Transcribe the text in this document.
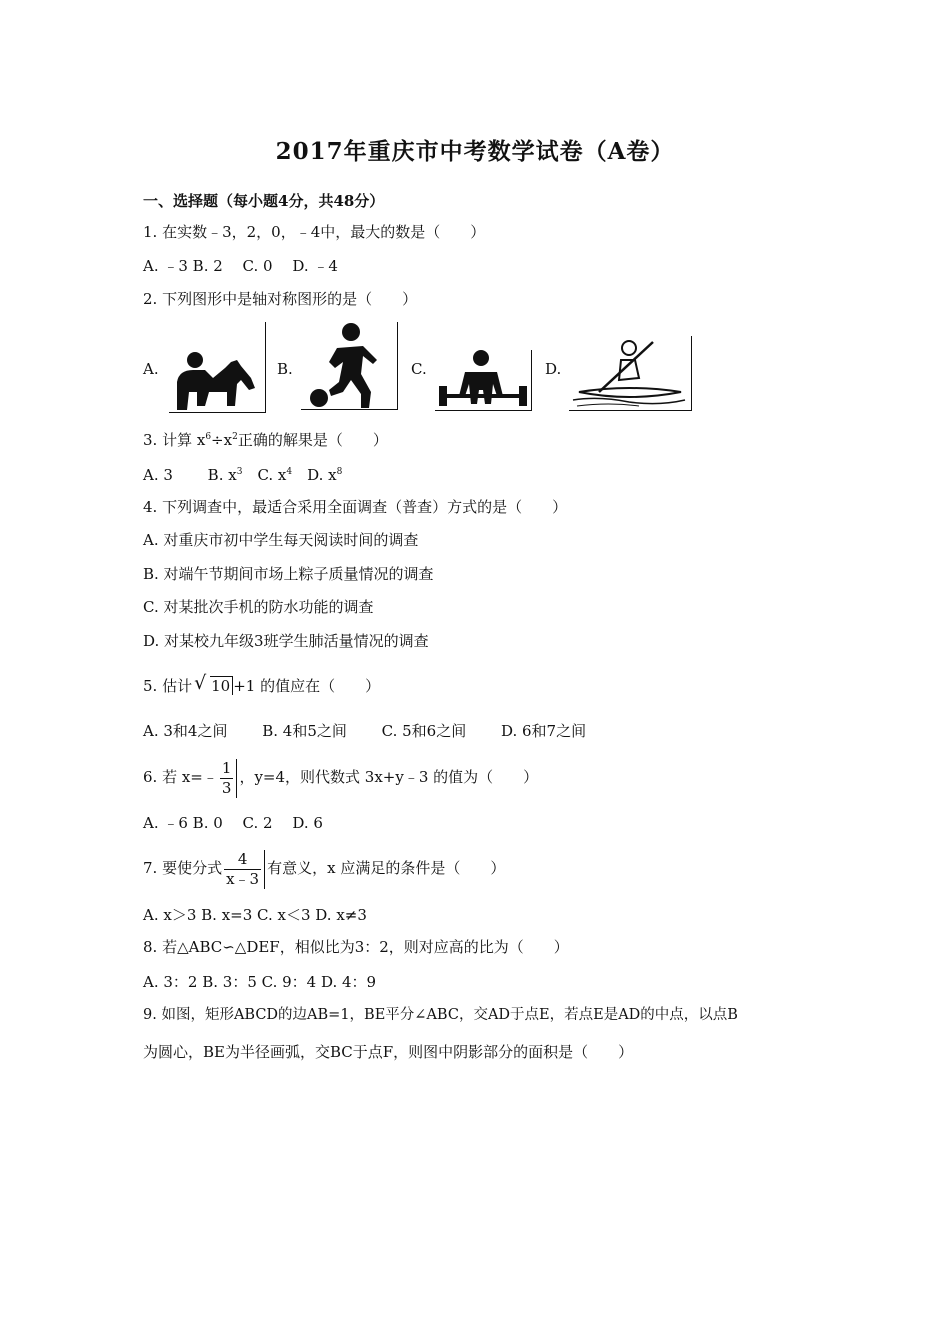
2017年重庆市中考数学试卷（A卷）
一、选择题（每小题4分，共48分）
1. 在实数﹣3，2，0，﹣4中，最大的数是（　　）
A. ﹣3 B. 2 　C. 0 　D. ﹣4
2. 下列图形中是轴对称图形的是（　　）
A.	B.	C.	D.
3. 计算 $x^6\div x^2$正确的解果是（　　）
A. 3　 　B. $x^3$　C. $x^4$　D. $x^8$
4. 下列调查中，最适合采用全面调查（普查）方式的是（　　）
A. 对重庆市初中学生每天阅读时间的调查
B. 对端午节期间市场上粽子质量情况的调查
C. 对某批次手机的防水功能的调查
D. 对某校九年级3班学生肺活量情况的调查
5. 估计 √ 10 +1 的值应在（　　）
A. 3和4之间　 　B. 4和5之间　 　C. 5和6之间　 　D. 6和7之间
6. 若 x=﹣ $\frac{1}{3}$ ，y=4，则代数式 3x+y﹣3 的值为（　　）
A. ﹣6 B. 0 　C. 2 　D. 6
7. 要使分式 $\frac{4}{x﹣3}$ 有意义，x 应满足的条件是（　　）
A. x＞3 B. x=3 C. x＜3 D. x≠3
8. 若△ABC∽△DEF，相似比为3：2，则对应高的比为（　　）
A. 3：2 B. 3：5 C. 9：4 D. 4：9
9. 如图，矩形ABCD的边AB=1，BE平分∠ABC，交AD于点E，若点E是AD的中点，以点B
为圆心，BE为半径画弧，交BC于点F，则图中阴影部分的面积是（　　）
